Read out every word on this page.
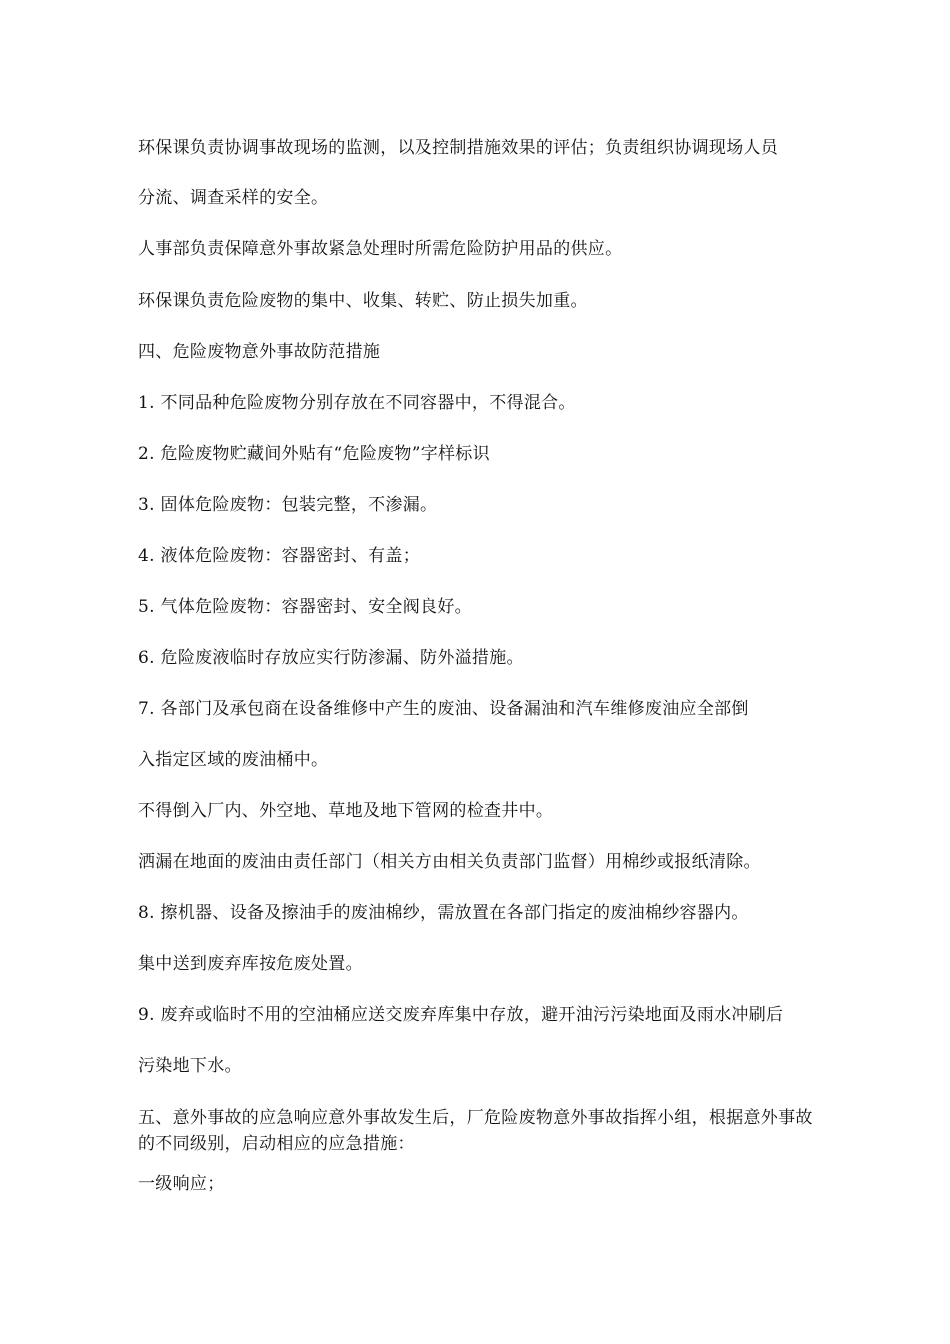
环保课负责协调事故现场的监测，以及控制措施效果的评估；负责组织协调现场人员
分流、调查采样的安全。
人事部负责保障意外事故紧急处理时所需危险防护用品的供应。
环保课负责危险废物的集中、收集、转贮、防止损失加重。
四、危险废物意外事故防范措施
1. 不同品种危险废物分别存放在不同容器中，不得混合。
2. 危险废物贮藏间外贴有“危险废物”字样标识
3. 固体危险废物：包装完整，不渗漏。
4. 液体危险废物：容器密封、有盖；
5. 气体危险废物：容器密封、安全阀良好。
6. 危险废液临时存放应实行防渗漏、防外溢措施。
7. 各部门及承包商在设备维修中产生的废油、设备漏油和汽车维修废油应全部倒
入指定区域的废油桶中。
不得倒入厂内、外空地、草地及地下管网的检查井中。
洒漏在地面的废油由责任部门（相关方由相关负责部门监督）用棉纱或报纸清除。
8. 擦机器、设备及擦油手的废油棉纱，需放置在各部门指定的废油棉纱容器内。
集中送到废弃库按危废处置。
9. 废弃或临时不用的空油桶应送交废弃库集中存放，避开油污污染地面及雨水冲刷后
污染地下水。
五、意外事故的应急响应意外事故发生后，厂危险废物意外事故指挥小组，根据意外事故的不同级别，启动相应的应急措施：
一级响应；
